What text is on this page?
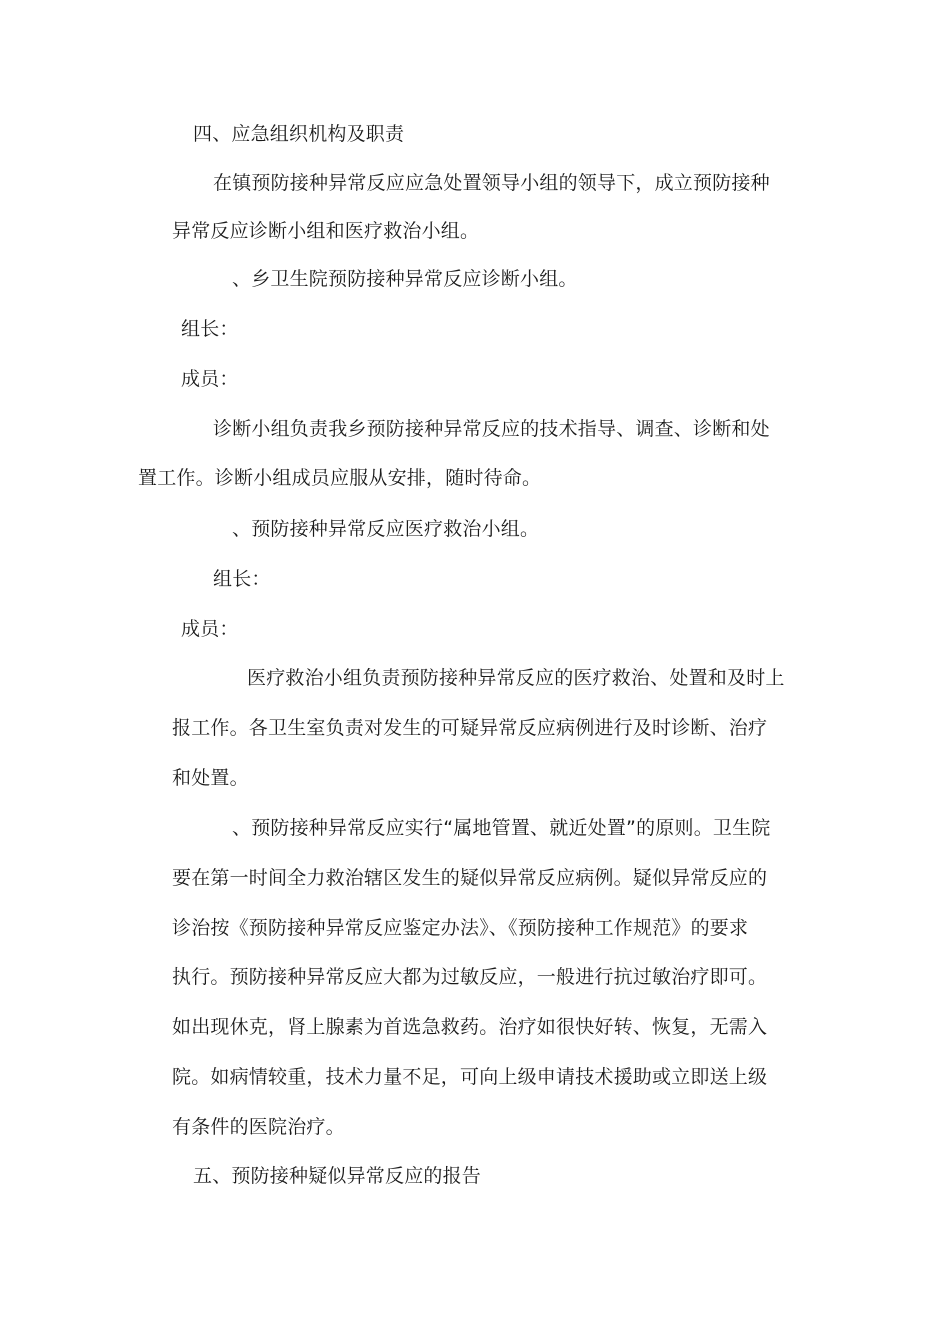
四、应急组织机构及职责
在镇预防接种异常反应应急处置领导小组的领导下，成立预防接种
异常反应诊断小组和医疗救治小组。
、乡卫生院预防接种异常反应诊断小组。
组长：
成员：
诊断小组负责我乡预防接种异常反应的技术指导、调查、诊断和处
置工作。诊断小组成员应服从安排，随时待命。
、预防接种异常反应医疗救治小组。
组长：
成员：
医疗救治小组负责预防接种异常反应的医疗救治、处置和及时上
报工作。各卫生室负责对发生的可疑异常反应病例进行及时诊断、治疗
和处置。
、预防接种异常反应实行“属地管置、就近处置”的原则。卫生院
要在第一时间全力救治辖区发生的疑似异常反应病例。疑似异常反应的
诊治按《预防接种异常反应鉴定办法》、《预防接种工作规范》的要求
执行。预防接种异常反应大都为过敏反应，一般进行抗过敏治疗即可。
如出现休克，肾上腺素为首选急救药。治疗如很快好转、恢复，无需入
院。如病情较重，技术力量不足，可向上级申请技术援助或立即送上级
有条件的医院治疗。
五、预防接种疑似异常反应的报告
